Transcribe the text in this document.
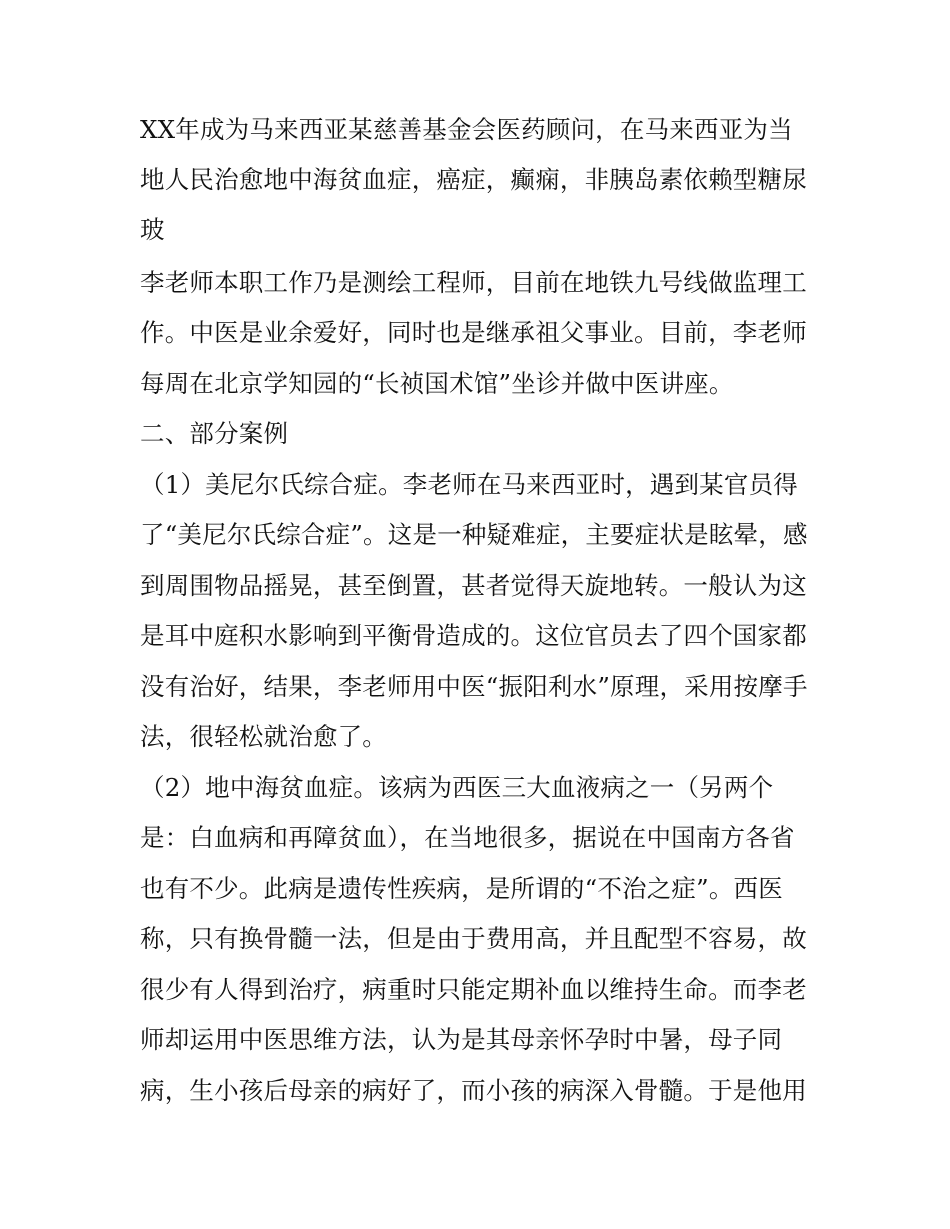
XX年成为马来西亚某慈善基金会医药顾问，在马来西亚为当
地人民治愈地中海贫血症，癌症，癫痫，非胰岛素依赖型糖尿
玻
李老师本职工作乃是测绘工程师，目前在地铁九号线做监理工
作。中医是业余爱好，同时也是继承祖父事业。目前，李老师
每周在北京学知园的“长祯国术馆”坐诊并做中医讲座。
二、部分案例
（1）美尼尔氏综合症。李老师在马来西亚时，遇到某官员得
了“美尼尔氏综合症”。这是一种疑难症，主要症状是眩晕，感
到周围物品摇晃，甚至倒置，甚者觉得天旋地转。一般认为这
是耳中庭积水影响到平衡骨造成的。这位官员去了四个国家都
没有治好，结果，李老师用中医“振阳利水”原理，采用按摩手
法，很轻松就治愈了。
（2）地中海贫血症。该病为西医三大血液病之一（另两个
是：白血病和再障贫血），在当地很多，据说在中国南方各省
也有不少。此病是遗传性疾病，是所谓的“不治之症”。西医
称，只有换骨髓一法，但是由于费用高，并且配型不容易，故
很少有人得到治疗，病重时只能定期补血以维持生命。而李老
师却运用中医思维方法，认为是其母亲怀孕时中暑，母子同
病，生小孩后母亲的病好了，而小孩的病深入骨髓。于是他用
